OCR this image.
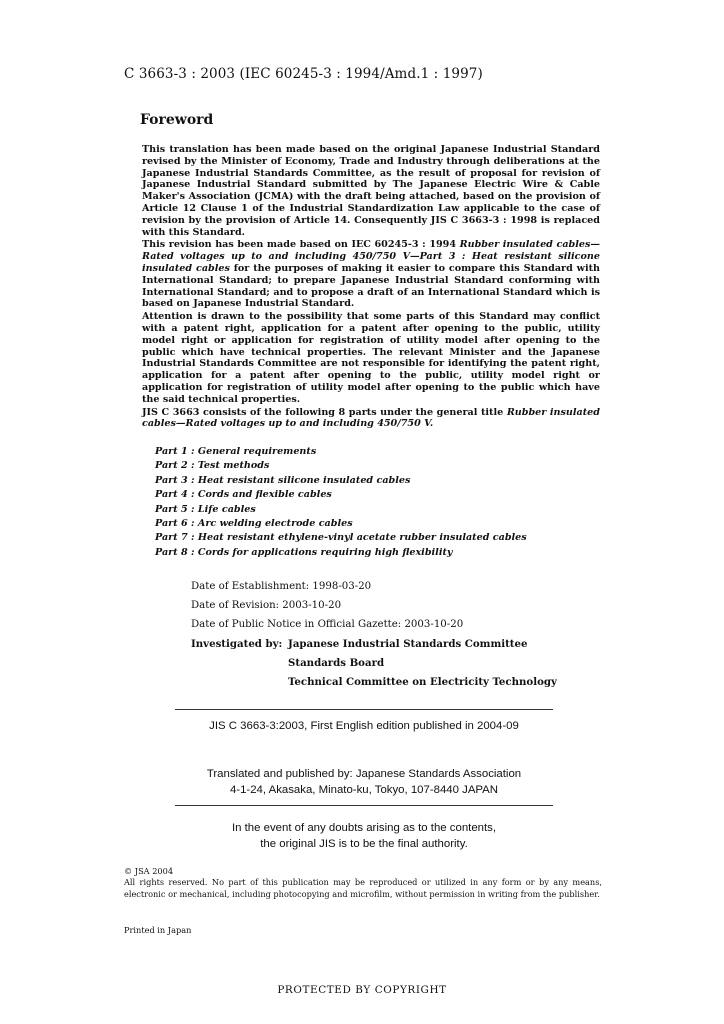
C 3663-3 : 2003 (IEC 60245-3 : 1994/Amd.1 : 1997)
Foreword

This translation has been made based on the original Japanese Industrial Standard revised by the Minister of Economy, Trade and Industry through deliberations at the Japanese Industrial Standards Committee, as the result of proposal for revision of Japanese Industrial Standard submitted by The Japanese Electric Wire & Cable Maker's Association (JCMA) with the draft being attached, based on the provision of Article 12 Clause 1 of the Industrial Standardization Law applicable to the case of revision by the provision of Article 14. Consequently JIS C 3663-3 : 1998 is replaced with this Standard.

This revision has been made based on IEC 60245-3 : 1994 Rubber insulated cables—Rated voltages up to and including 450/750 V—Part 3 : Heat resistant silicone insulated cables for the purposes of making it easier to compare this Standard with International Standard; to prepare Japanese Industrial Standard conforming with International Standard; and to propose a draft of an International Standard which is based on Japanese Industrial Standard.

Attention is drawn to the possibility that some parts of this Standard may conflict with a patent right, application for a patent after opening to the public, utility model right or application for registration of utility model after opening to the public which have technical properties. The relevant Minister and the Japanese Industrial Standards Committee are not responsible for identifying the patent right, application for a patent after opening to the public, utility model right or application for registration of utility model after opening to the public which have the said technical properties.

JIS C 3663 consists of the following 8 parts under the general title Rubber insulated cables—Rated voltages up to and including 450/750 V.

Part 1 : General requirements
Part 2 : Test methods
Part 3 : Heat resistant silicone insulated cables
Part 4 : Cords and flexible cables
Part 5 : Life cables
Part 6 : Arc welding electrode cables
Part 7 : Heat resistant ethylene-vinyl acetate rubber insulated cables
Part 8 : Cords for applications requiring high flexibility
Date of Establishment: 1998-03-20
Date of Revision: 2003-10-20
Date of Public Notice in Official Gazette: 2003-10-20
Investigated by: Japanese Industrial Standards Committee
Standards Board
Technical Committee on Electricity Technology
JIS C 3663-3:2003, First English edition published in 2004-09
Translated and published by: Japanese Standards Association
4-1-24, Akasaka, Minato-ku, Tokyo, 107-8440 JAPAN
In the event of any doubts arising as to the contents,
the original JIS is to be the final authority.
© JSA 2004
All rights reserved. No part of this publication may be reproduced or utilized in any form or by any means, electronic or mechanical, including photocopying and microfilm, without permission in writing from the publisher.
Printed in Japan
PROTECTED BY COPYRIGHT
